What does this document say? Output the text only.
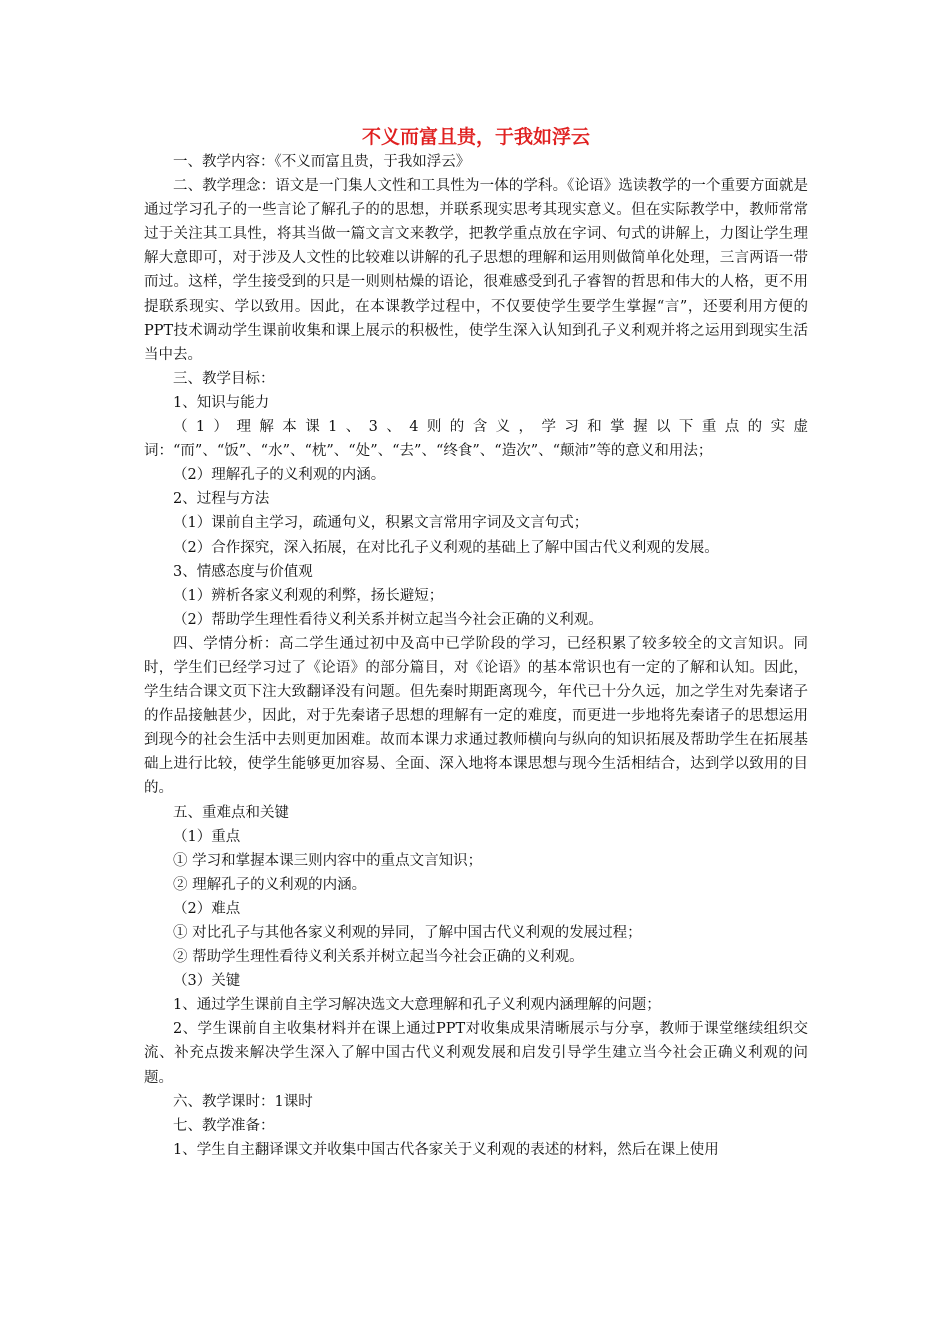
不义而富且贵，于我如浮云

一、教学内容：《不义而富且贵，于我如浮云》

二、教学理念：语文是一门集人文性和工具性为一体的学科。《论语》选读教学的一个重要方面就是通过学习孔子的一些言论了解孔子的的思想，并联系现实思考其现实意义。但在实际教学中，教师常常过于关注其工具性，将其当做一篇文言文来教学，把教学重点放在字词、句式的讲解上，力图让学生理解大意即可，对于涉及人文性的比较难以讲解的孔子思想的理解和运用则做简单化处理，三言两语一带而过。这样，学生接受到的只是一则则枯燥的语论，很难感受到孔子睿智的哲思和伟大的人格，更不用提联系现实、学以致用。因此，在本课教学过程中，不仅要使学生要学生掌握“言”，还要利用方便的PPT技术调动学生课前收集和课上展示的积极性，使学生深入认知到孔子义利观并将之运用到现实生活当中去。

三、教学目标：

1、知识与能力

（1）理解本课1、3、4则的含义，学习和掌握以下重点的实虚词：“而”、“饭”、“水”、“枕”、“处”、“去”、“终食”、“造次”、“颠沛”等的意义和用法；

（2）理解孔子的义利观的内涵。

2、过程与方法

（1）课前自主学习，疏通句义，积累文言常用字词及文言句式；

（2）合作探究，深入拓展，在对比孔子义利观的基础上了解中国古代义利观的发展。

3、情感态度与价值观

（1）辨析各家义利观的利弊，扬长避短；

（2）帮助学生理性看待义利关系并树立起当今社会正确的义利观。

四、学情分析：高二学生通过初中及高中已学阶段的学习，已经积累了较多较全的文言知识。同时，学生们已经学习过了《论语》的部分篇目，对《论语》的基本常识也有一定的了解和认知。因此，学生结合课文页下注大致翻译没有问题。但先秦时期距离现今，年代已十分久远，加之学生对先秦诸子的作品接触甚少，因此，对于先秦诸子思想的理解有一定的难度，而更进一步地将先秦诸子的思想运用到现今的社会生活中去则更加困难。故而本课力求通过教师横向与纵向的知识拓展及帮助学生在拓展基础上进行比较，使学生能够更加容易、全面、深入地将本课思想与现今生活相结合，达到学以致用的目的。

五、重难点和关键

（1）重点

① 学习和掌握本课三则内容中的重点文言知识；

② 理解孔子的义利观的内涵。

（2）难点

① 对比孔子与其他各家义利观的异同，了解中国古代义利观的发展过程；

② 帮助学生理性看待义利关系并树立起当今社会正确的义利观。

（3）关键

1、通过学生课前自主学习解决选文大意理解和孔子义利观内涵理解的问题；

2、学生课前自主收集材料并在课上通过PPT对收集成果清晰展示与分享，教师于课堂继续组织交流、补充点拨来解决学生深入了解中国古代义利观发展和启发引导学生建立当今社会正确义利观的问题。

六、教学课时：1课时

七、教学准备：

1、学生自主翻译课文并收集中国古代各家关于义利观的表述的材料，然后在课上使用
